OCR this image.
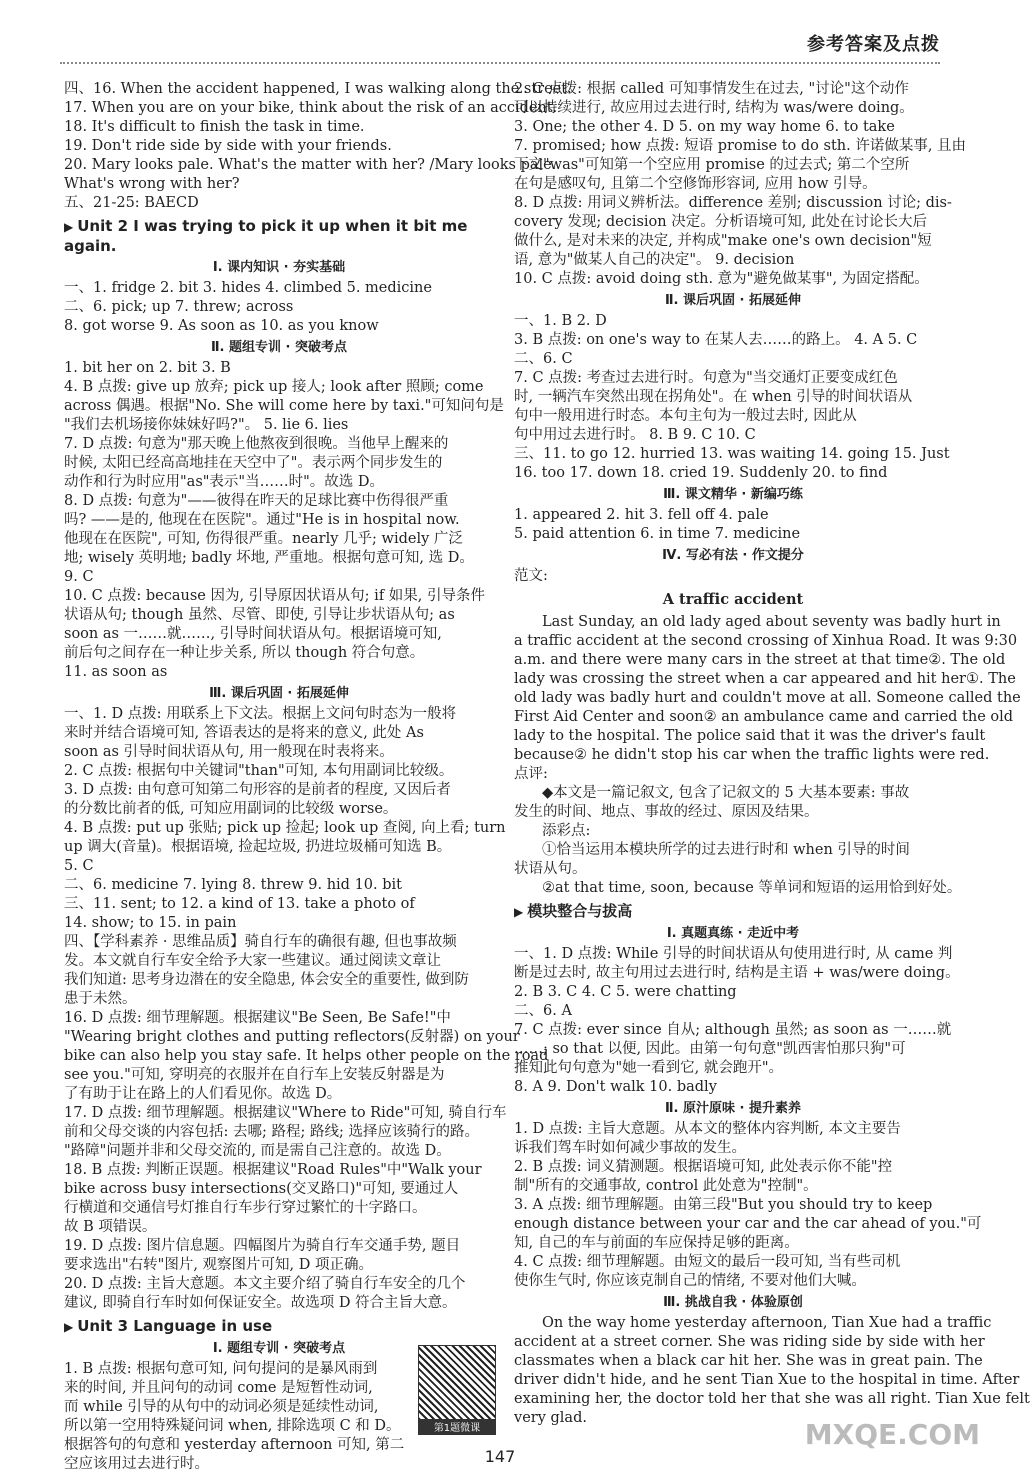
参考答案及点拨
四、16. When the accident happened, I was walking along the street.
17. When you are on your bike, think about the risk of an accident.
18. It's difficult to finish the task in time.
19. Don't ride side by side with your friends.
20. Mary looks pale. What's the matter with her? /Mary looks pale.
What's wrong with her?
五、21-25: BAECD
▶ Unit 2 I was trying to pick it up when it bit me again.
Ⅰ. 课内知识 · 夯实基础
一、1. fridge 2. bit 3. hides 4. climbed 5. medicine
二、6. pick; up 7. threw; across
8. got worse 9. As soon as 10. as you know
Ⅱ. 题组专训 · 突破考点
1. bit her on 2. bit 3. B
4. B 点拨: give up 放弃; pick up 接人; look after 照顾; come
across 偶遇。根据"No. She will come here by taxi."可知问句是
"我们去机场接你妹妹好吗?"。 5. lie 6. lies
7. D 点拨: 句意为"那天晚上他熬夜到很晚。当他早上醒来的
时候, 太阳已经高高地挂在天空中了"。表示两个同步发生的
动作和行为时应用"as"表示"当……时"。故选 D。
8. D 点拨: 句意为"——彼得在昨天的足球比赛中伤得很严重
吗? ——是的, 他现在在医院"。通过"He is in hospital now.
他现在在医院", 可知, 伤得很严重。nearly 几乎; widely 广泛
地; wisely 英明地; badly 坏地, 严重地。根据句意可知, 选 D。
9. C
10. C 点拨: because 因为, 引导原因状语从句; if 如果, 引导条件
状语从句; though 虽然、尽管、即使, 引导让步状语从句; as
soon as 一……就……, 引导时间状语从句。根据语境可知,
前后句之间存在一种让步关系, 所以 though 符合句意。
11. as soon as
Ⅲ. 课后巩固 · 拓展延伸
一、1. D 点拨: 用联系上下文法。根据上文问句时态为一般将
来时并结合语境可知, 答语表达的是将来的意义, 此处 As
soon as 引导时间状语从句, 用一般现在时表将来。
2. C 点拨: 根据句中关键词"than"可知, 本句用副词比较级。
3. D 点拨: 由句意可知第二句形容的是前者的程度, 又因后者
的分数比前者的低, 可知应用副词的比较级 worse。
4. B 点拨: put up 张贴; pick up 捡起; look up 查阅, 向上看; turn
up 调大(音量)。根据语境, 捡起垃圾, 扔进垃圾桶可知选 B。
5. C
二、6. medicine 7. lying 8. threw 9. hid 10. bit
三、11. sent; to 12. a kind of 13. take a photo of
14. show; to 15. in pain
四、【学科素养 · 思维品质】骑自行车的确很有趣, 但也事故频
发。本文就自行车安全给予大家一些建议。通过阅读文章让
我们知道: 思考身边潜在的安全隐患, 体会安全的重要性, 做到防
患于未然。
16. D 点拨: 细节理解题。根据建议"Be Seen, Be Safe!"中
"Wearing bright clothes and putting reflectors(反射器) on your
bike can also help you stay safe. It helps other people on the road
see you."可知, 穿明亮的衣服并在自行车上安装反射器是为
了有助于让在路上的人们看见你。故选 D。
17. D 点拨: 细节理解题。根据建议"Where to Ride"可知, 骑自行车
前和父母交谈的内容包括: 去哪; 路程; 路线; 选择应该骑行的路。
"路障"问题并非和父母交流的, 而是需自己注意的。故选 D。
18. B 点拨: 判断正误题。根据建议"Road Rules"中"Walk your
bike across busy intersections(交叉路口)"可知, 要通过人
行横道和交通信号灯推自行车步行穿过繁忙的十字路口。
故 B 项错误。
19. D 点拨: 图片信息题。四幅图片为骑自行车交通手势, 题目
要求选出"右转"图片, 观察图片可知, D 项正确。
20. D 点拨: 主旨大意题。本文主要介绍了骑自行车安全的几个
建议, 即骑自行车时如何保证安全。故选项 D 符合主旨大意。
▶ Unit 3 Language in use
Ⅰ. 题组专训 · 突破考点
1. B 点拨: 根据句意可知, 问句提问的是暴风雨到
来的时间, 并且问句的动词 come 是短暂性动词,
而 while 引导的从句中的动词必须是延续性动词,
所以第一空用特殊疑问词 when, 排除选项 C 和 D。
根据答句的句意和 yesterday afternoon 可知, 第二
空应该用过去进行时。
2. C 点拨: 根据 called 可知事情发生在过去, "讨论"这个动作
可以持续进行, 故应用过去进行时, 结构为 was/were doing。
3. One; the other 4. D 5. on my way home 6. to take
7. promised; how 点拨: 短语 promise to do sth. 许诺做某事, 且由
下文"was"可知第一个空应用 promise 的过去式; 第二个空所
在句是感叹句, 且第二个空修饰形容词, 应用 how 引导。
8. D 点拨: 用词义辨析法。difference 差别; discussion 讨论; dis-
covery 发现; decision 决定。分析语境可知, 此处在讨论长大后
做什么, 是对未来的决定, 并构成"make one's own decision"短
语, 意为"做某人自己的决定"。 9. decision
10. C 点拨: avoid doing sth. 意为"避免做某事", 为固定搭配。
Ⅱ. 课后巩固 · 拓展延伸
一、1. B 2. D
3. B 点拨: on one's way to 在某人去……的路上。 4. A 5. C
二、6. C
7. C 点拨: 考查过去进行时。句意为"当交通灯正要变成红色
时, 一辆汽车突然出现在拐角处"。在 when 引导的时间状语从
句中一般用进行时态。本句主句为一般过去时, 因此从
句中用过去进行时。 8. B 9. C 10. C
三、11. to go 12. hurried 13. was waiting 14. going 15. Just
16. too 17. down 18. cried 19. Suddenly 20. to find
Ⅲ. 课文精华 · 新编巧练
1. appeared 2. hit 3. fell off 4. pale
5. paid attention 6. in time 7. medicine
Ⅳ. 写必有法 · 作文提分
范文:
A traffic accident
Last Sunday, an old lady aged about seventy was badly hurt in
a traffic accident at the second crossing of Xinhua Road. It was 9:30
a.m. and there were many cars in the street at that time②. The old
lady was crossing the street when a car appeared and hit her①. The
old lady was badly hurt and couldn't move at all. Someone called the
First Aid Center and soon② an ambulance came and carried the old
lady to the hospital. The police said that it was the driver's fault
because② he didn't stop his car when the traffic lights were red.
点评:
◆本文是一篇记叙文, 包含了记叙文的 5 大基本要素: 事故
发生的时间、地点、事故的经过、原因及结果。
添彩点:
①恰当运用本模块所学的过去进行时和 when 引导的时间
状语从句。
②at that time, soon, because 等单词和短语的运用恰到好处。
▶ 模块整合与拔高
Ⅰ. 真题真练 · 走近中考
一、1. D 点拨: While 引导的时间状语从句使用进行时, 从 came 判
断是过去时, 故主句用过去进行时, 结构是主语 + was/were doing。
2. B 3. C 4. C 5. were chatting
二、6. A
7. C 点拨: ever since 自从; although 虽然; as soon as 一……就
……; so that 以便, 因此。由第一句句意"凯西害怕那只狗"可
推知此句句意为"她一看到它, 就会跑开"。
8. A 9. Don't walk 10. badly
Ⅱ. 原汁原味 · 提升素养
1. D 点拨: 主旨大意题。从本文的整体内容判断, 本文主要告
诉我们驾车时如何减少事故的发生。
2. B 点拨: 词义猜测题。根据语境可知, 此处表示你不能"控
制"所有的交通事故, control 此处意为"控制"。
3. A 点拨: 细节理解题。由第三段"But you should try to keep
enough distance between your car and the car ahead of you."可
知, 自己的车与前面的车应保持足够的距离。
4. C 点拨: 细节理解题。由短文的最后一段可知, 当有些司机
使你生气时, 你应该克制自己的情绪, 不要对他们大喊。
Ⅲ. 挑战自我 · 体验原创
On the way home yesterday afternoon, Tian Xue had a traffic
accident at a street corner. She was riding side by side with her
classmates when a black car hit her. She was in great pain. The
driver didn't hide, and he sent Tian Xue to the hospital in time. After
examining her, the doctor told her that she was all right. Tian Xue felt
very glad.
第1题微课
147
MXQE.COM
